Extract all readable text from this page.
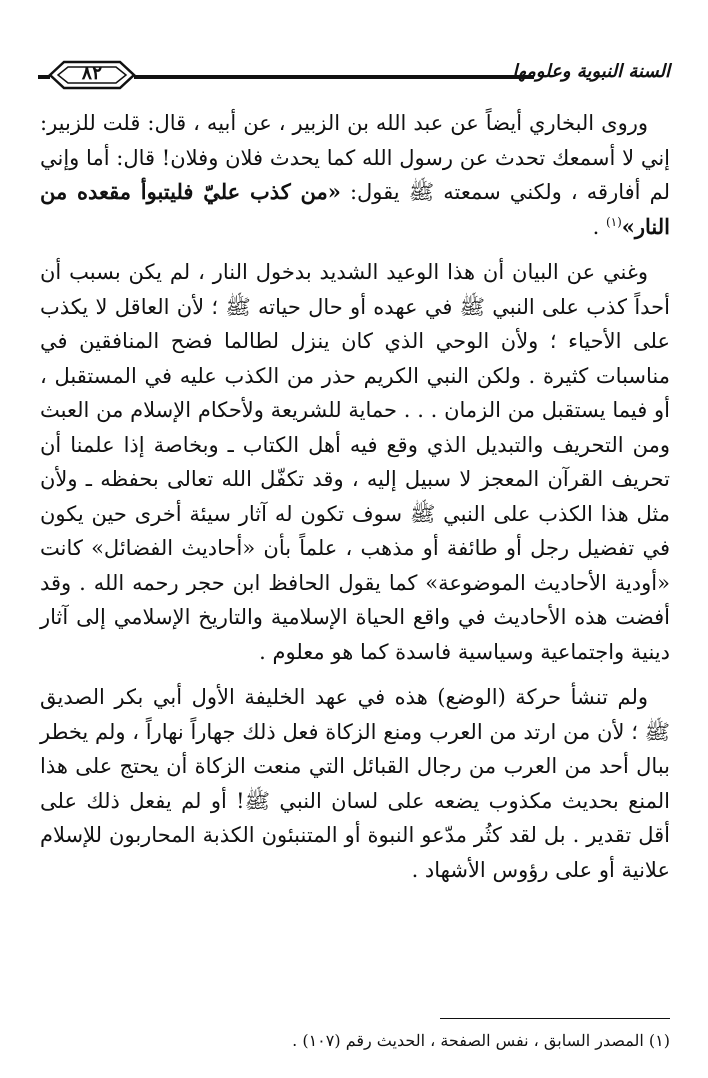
٨٢	السنة النبوية وعلومها

وروى البخاري أيضاً عن عبد الله بن الزبير ، عن أبيه ، قال: قلت للزبير: إني لا أسمعك تحدث عن رسول الله كما يحدث فلان وفلان! قال: أما وإني لم أفارقه ، ولكني سمعته ﷺ يقول: «من كذب عليّ فليتبوأ مقعده من النار»$^{(١)}$ .

وغني عن البيان أن هذا الوعيد الشديد بدخول النار ، لم يكن بسبب أن أحداً كذب على النبي ﷺ في عهده أو حال حياته ﷺ ؛ لأن العاقل لا يكذب على الأحياء ؛ ولأن الوحي الذي كان ينزل لطالما فضح المنافقين في مناسبات كثيرة . ولكن النبي الكريم حذر من الكذب عليه في المستقبل ، أو فيما يستقبل من الزمان . . . حماية للشريعة ولأحكام الإسلام من العبث ومن التحريف والتبديل الذي وقع فيه أهل الكتاب ـ وبخاصة إذا علمنا أن تحريف القرآن المعجز لا سبيل إليه ، وقد تكفّل الله تعالى بحفظه ـ ولأن مثل هذا الكذب على النبي ﷺ سوف تكون له آثار سيئة أخرى حين يكون في تفضيل رجل أو طائفة أو مذهب ، علماً بأن «أحاديث الفضائل» كانت «أودية الأحاديث الموضوعة» كما يقول الحافظ ابن حجر رحمه الله . وقد أفضت هذه الأحاديث في واقع الحياة الإسلامية والتاريخ الإسلامي إلى آثار دينية واجتماعية وسياسية فاسدة كما هو معلوم .

ولم تنشأ حركة (الوضع) هذه في عهد الخليفة الأول أبي بكر الصديق ﷺ ؛ لأن من ارتد من العرب ومنع الزكاة فعل ذلك جهاراً نهاراً ، ولم يخطر ببال أحد من العرب من رجال القبائل التي منعت الزكاة أن يحتج على هذا المنع بحديث مكذوب يضعه على لسان النبي ﷺ! أو لم يفعل ذلك على أقل تقدير . بل لقد كثُر مدّعو النبوة أو المتنبئون الكذبة المحاربون للإسلام علانية أو على رؤوس الأشهاد .

(١) المصدر السابق ، نفس الصفحة ، الحديث رقم (١٠٧) .
